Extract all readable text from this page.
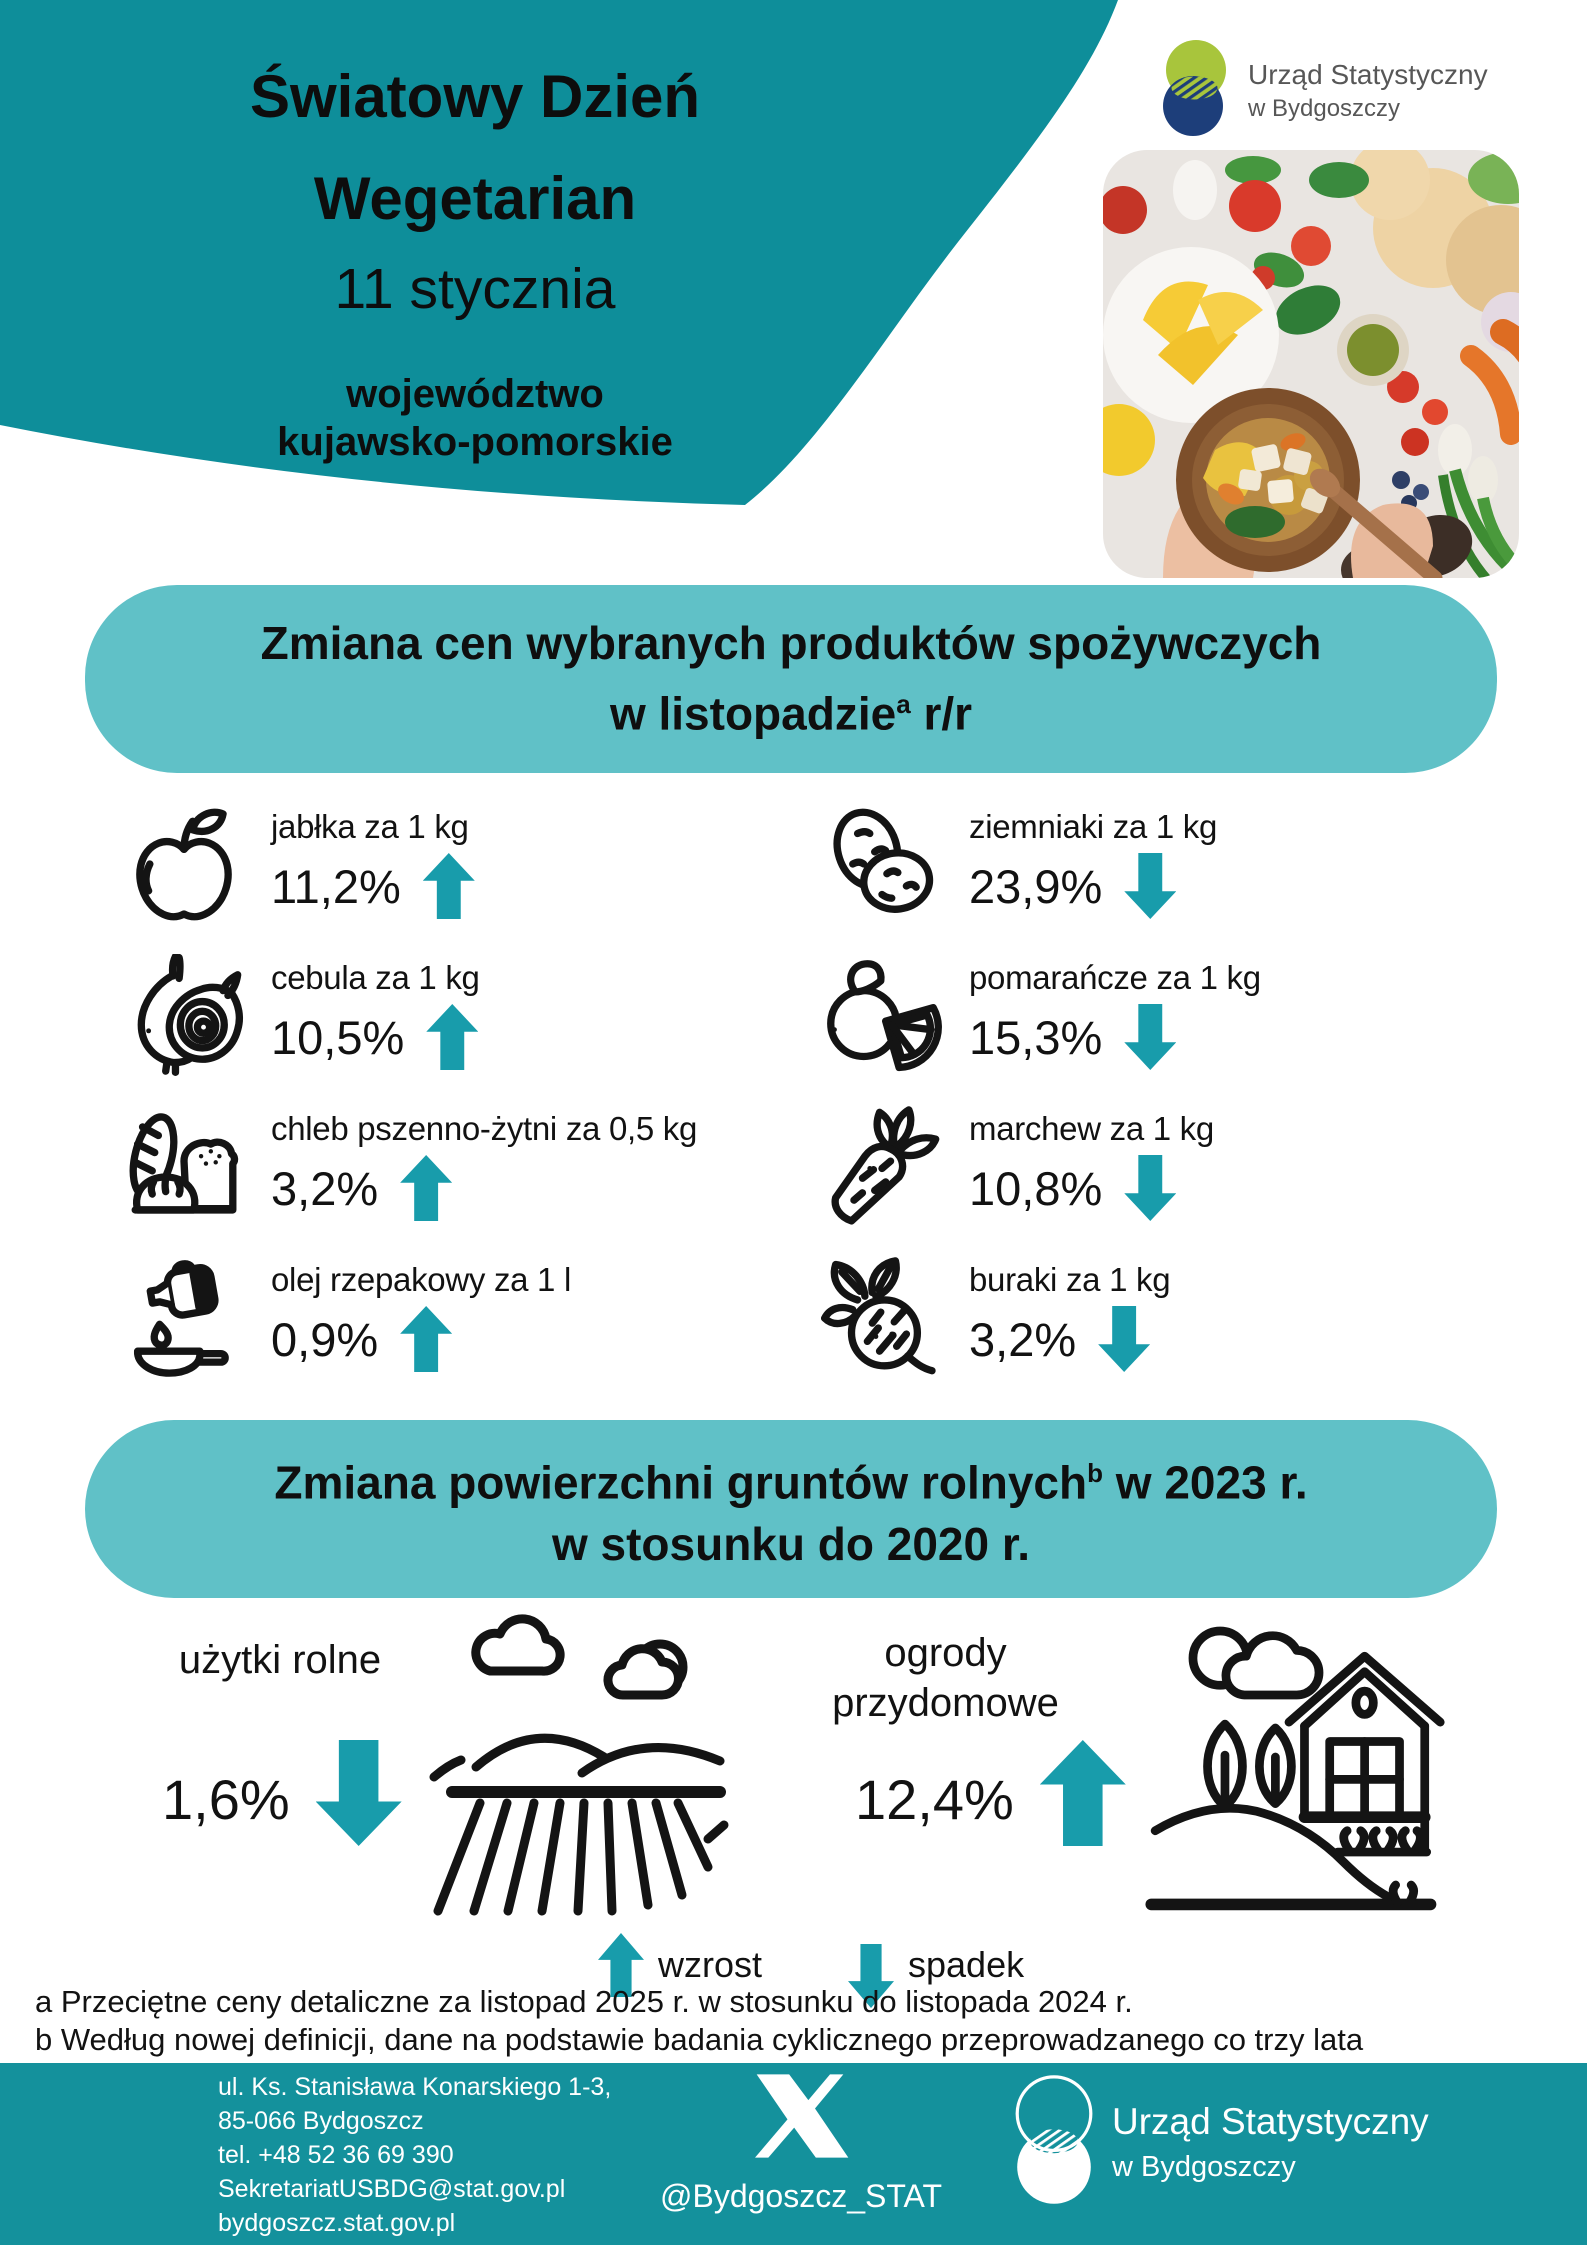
Światowy Dzień
Wegetarian
11 stycznia
województwo
kujawsko-pomorskie
Urząd Statystyczny
w Bydgoszczy
Zmiana cen wybranych produktów spożywczych
w listopadzie$^a$ r/r
jabłka za 1 kg
11,2%
ziemniaki za 1 kg
23,9%
cebula za 1 kg
10,5%
pomarańcze za 1 kg
15,3%
chleb pszenno-żytni za 0,5 kg
3,2%
marchew za 1 kg
10,8%
olej rzepakowy za 1 l
0,9%
buraki za 1 kg
3,2%
Zmiana powierzchni gruntów rolnych$^b$ w 2023 r.
w stosunku do 2020 r.
użytki rolne
1,6%
ogrody
przydomowe
12,4%
wzrost	spadek
a Przeciętne ceny detaliczne za listopad 2025 r. w stosunku do listopada 2024 r.
b Według nowej definicji, dane na podstawie badania cyklicznego przeprowadzanego co trzy lata
ul. Ks. Stanisława Konarskiego 1-3,
85-066 Bydgoszcz
tel. +48 52 36 69 390
SekretariatUSBDG@stat.gov.pl
bydgoszcz.stat.gov.pl
@Bydgoszcz_STAT
Urząd Statystyczny
w Bydgoszczy
